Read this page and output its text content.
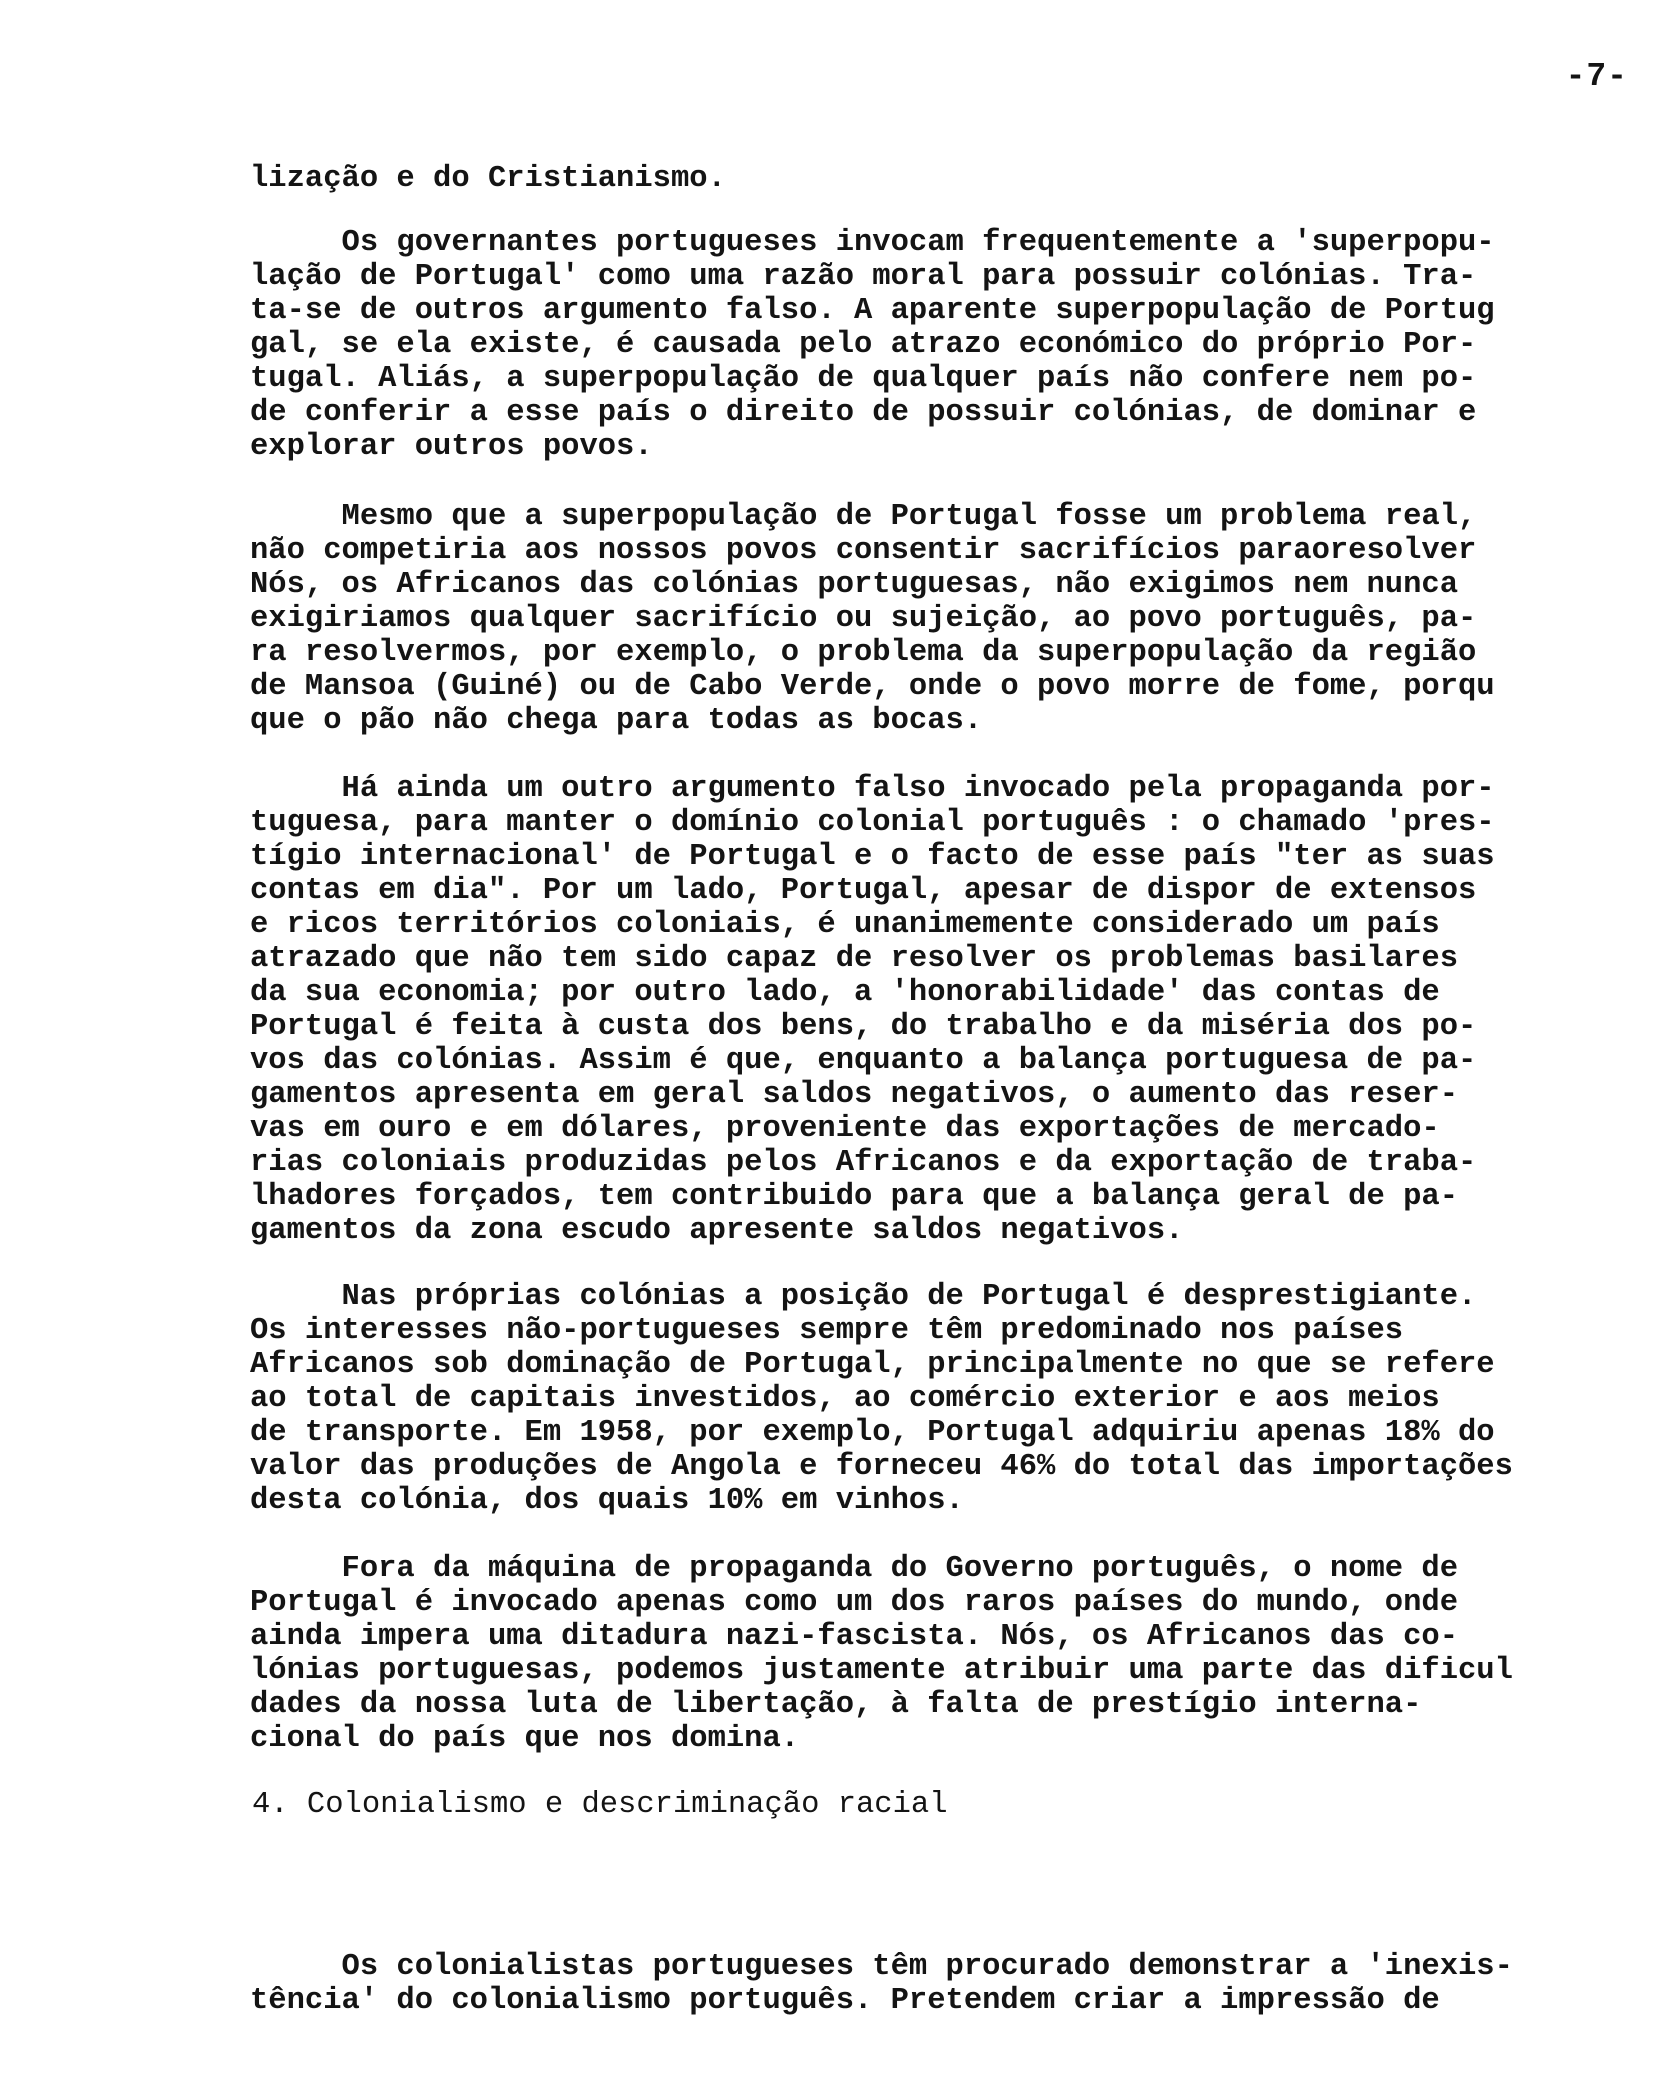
-7-
lização e do Cristianismo.
Os governantes portugueses invocam frequentemente a 'superpopu-
lação de Portugal' como uma razão moral para possuir colónias. Tra-
ta-se de outros argumento falso. A aparente superpopulação de Portug
gal, se ela existe, é causada pelo atrazo económico do próprio Por-
tugal. Aliás, a superpopulação de qualquer país não confere nem po-
de conferir a esse país o direito de possuir colónias, de dominar e
explorar outros povos.
Mesmo que a superpopulação de Portugal fosse um problema real,
não competiria aos nossos povos consentir sacrifícios paraoresolver
Nós, os Africanos das colónias portuguesas, não exigimos nem nunca
exigiriamos qualquer sacrifício ou sujeição, ao povo português, pa-
ra resolvermos, por exemplo, o problema da superpopulação da região
de Mansoa (Guiné) ou de Cabo Verde, onde o povo morre de fome, porqu
que o pão não chega para todas as bocas.
Há ainda um outro argumento falso invocado pela propaganda por-
tuguesa, para manter o domínio colonial português : o chamado 'pres-
tígio internacional' de Portugal e o facto de esse país "ter as suas
contas em dia". Por um lado, Portugal, apesar de dispor de extensos
e ricos territórios coloniais, é unanimemente considerado um país
atrazado que não tem sido capaz de resolver os problemas basilares
da sua economia; por outro lado, a 'honorabilidade' das contas de
Portugal é feita à custa dos bens, do trabalho e da miséria dos po-
vos das colónias. Assim é que, enquanto a balança portuguesa de pa-
gamentos apresenta em geral saldos negativos, o aumento das reser-
vas em ouro e em dólares, proveniente das exportações de mercado-
rias coloniais produzidas pelos Africanos e da exportação de traba-
lhadores forçados, tem contribuido para que a balança geral de pa-
gamentos da zona escudo apresente saldos negativos.
Nas próprias colónias a posição de Portugal é desprestigiante.
Os interesses não-portugueses sempre têm predominado nos países
Africanos sob dominação de Portugal, principalmente no que se refere
ao total de capitais investidos, ao comércio exterior e aos meios
de transporte. Em 1958, por exemplo, Portugal adquiriu apenas 18% do
valor das produções de Angola e forneceu 46% do total das importações
desta colónia, dos quais 10% em vinhos.
Fora da máquina de propaganda do Governo português, o nome de
Portugal é invocado apenas como um dos raros países do mundo, onde
ainda impera uma ditadura nazi-fascista. Nós, os Africanos das co-
lónias portuguesas, podemos justamente atribuir uma parte das dificul
dades da nossa luta de libertação, à falta de prestígio interna-
cional do país que nos domina.
Os colonialistas portugueses têm procurado demonstrar a 'inexis-
tência' do colonialismo português. Pretendem criar a impressão de
4. Colonialismo e descriminação racial
